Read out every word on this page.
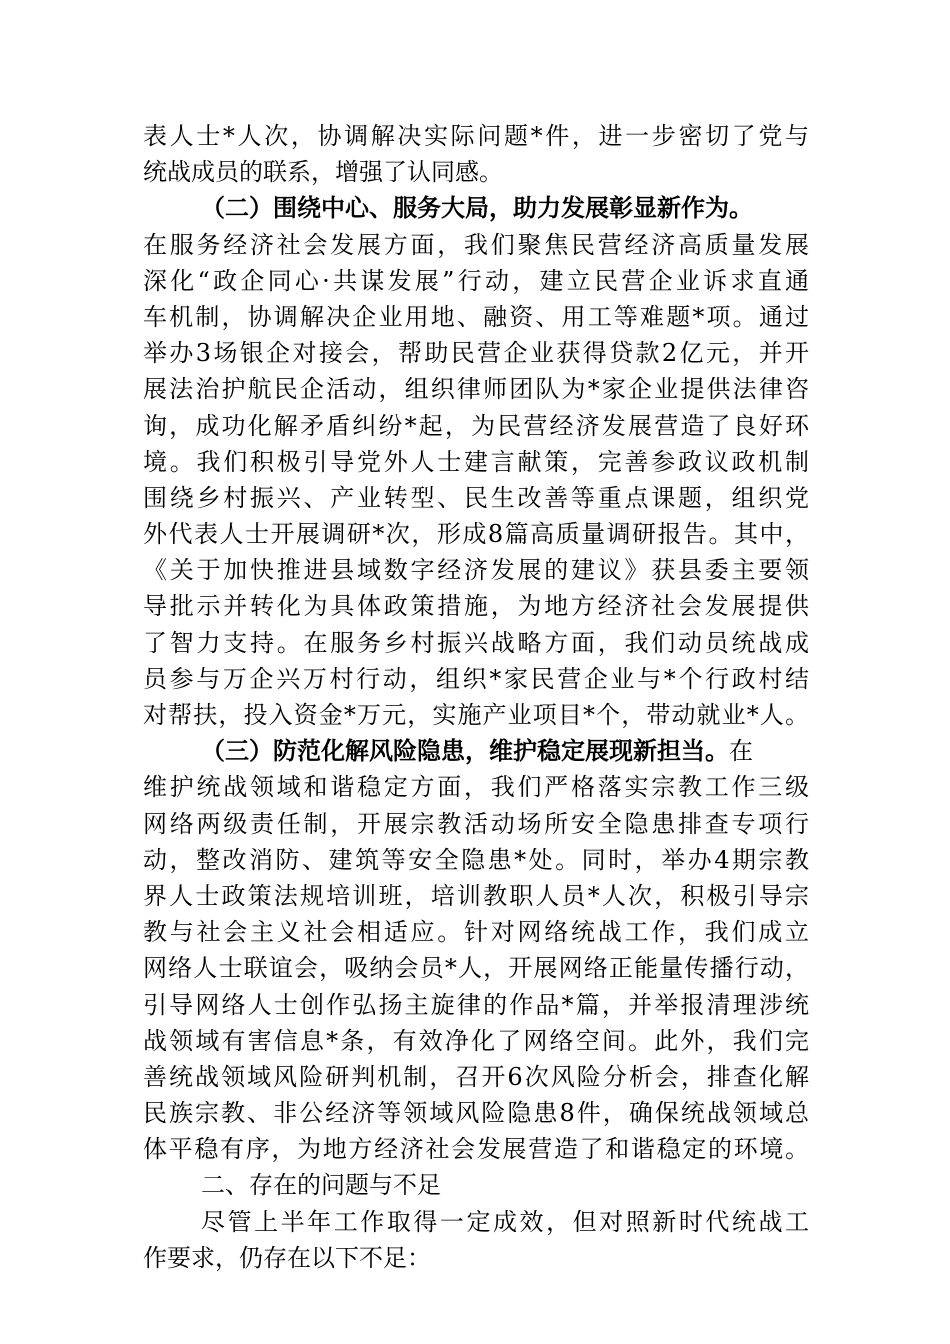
表人士*人次，协调解决实际问题*件，进一步密切了党与
统战成员的联系，增强了认同感。
（二）围绕中心、服务大局，助力发展彰显新作为。
在服务经济社会发展方面，我们聚焦民营经济高质量发展
深化“政企同心·共谋发展”行动，建立民营企业诉求直通
车机制，协调解决企业用地、融资、用工等难题*项。通过
举办3场银企对接会，帮助民营企业获得贷款2亿元，并开
展法治护航民企活动，组织律师团队为*家企业提供法律咨
询，成功化解矛盾纠纷*起，为民营经济发展营造了良好环
境。我们积极引导党外人士建言献策，完善参政议政机制
围绕乡村振兴、产业转型、民生改善等重点课题，组织党
外代表人士开展调研*次，形成8篇高质量调研报告。其中，
《关于加快推进县域数字经济发展的建议》获县委主要领
导批示并转化为具体政策措施，为地方经济社会发展提供
了智力支持。在服务乡村振兴战略方面，我们动员统战成
员参与万企兴万村行动，组织*家民营企业与*个行政村结
对帮扶，投入资金*万元，实施产业项目*个，带动就业*人。
（三）防范化解风险隐患，维护稳定展现新担当。在
维护统战领域和谐稳定方面，我们严格落实宗教工作三级
网络两级责任制，开展宗教活动场所安全隐患排查专项行
动，整改消防、建筑等安全隐患*处。同时，举办4期宗教
界人士政策法规培训班，培训教职人员*人次，积极引导宗
教与社会主义社会相适应。针对网络统战工作，我们成立
网络人士联谊会，吸纳会员*人，开展网络正能量传播行动，
引导网络人士创作弘扬主旋律的作品*篇，并举报清理涉统
战领域有害信息*条，有效净化了网络空间。此外，我们完
善统战领域风险研判机制，召开6次风险分析会，排查化解
民族宗教、非公经济等领域风险隐患8件，确保统战领域总
体平稳有序，为地方经济社会发展营造了和谐稳定的环境。
二、存在的问题与不足
尽管上半年工作取得一定成效，但对照新时代统战工
作要求，仍存在以下不足：
